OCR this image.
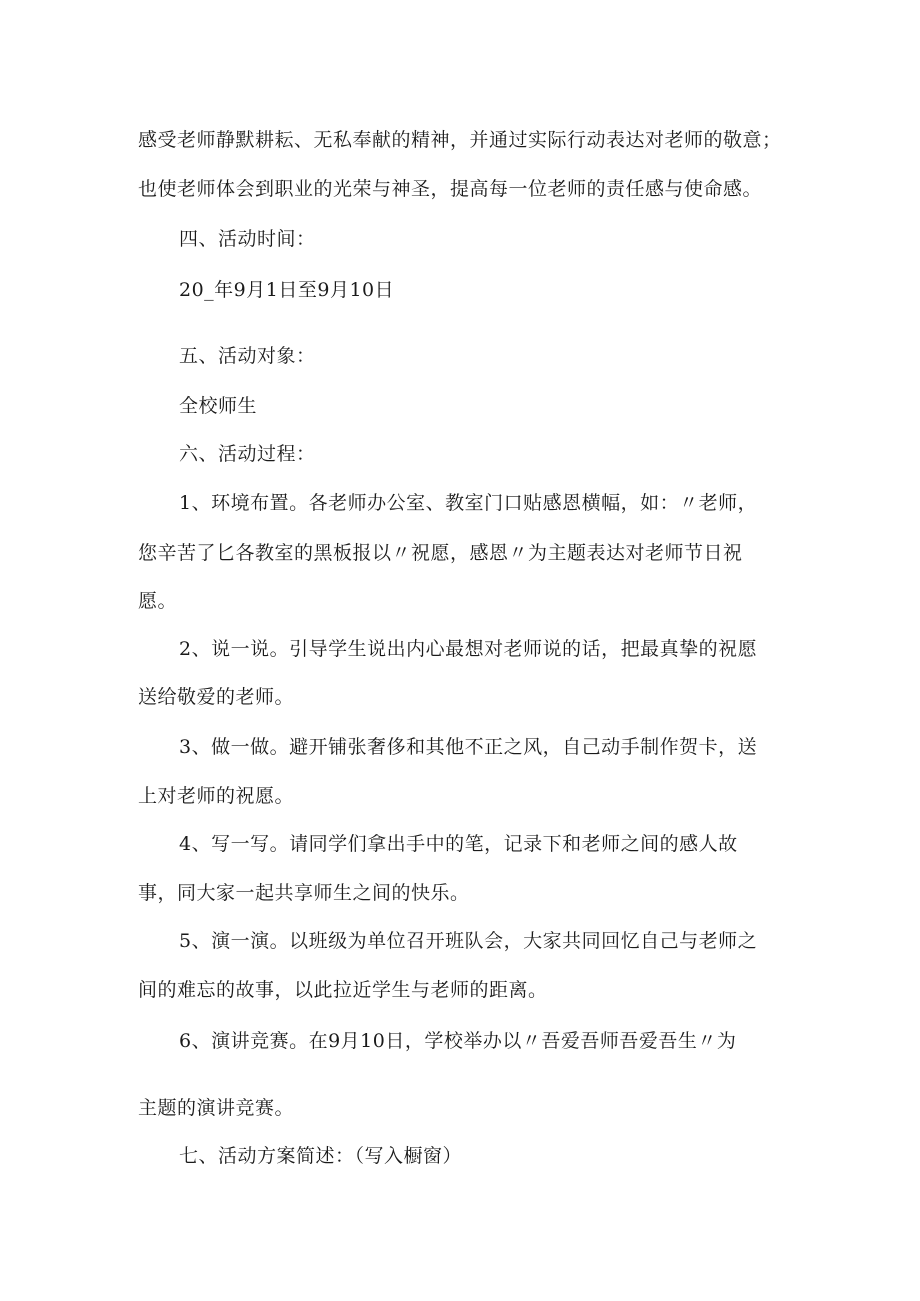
感受老师静默耕耘、无私奉献的精神，并通过实际行动表达对老师的敬意；
也使老师体会到职业的光荣与神圣，提高每一位老师的责任感与使命感。
四、活动时间：
20_年9月1日至9月10日
五、活动对象：
全校师生
六、活动过程：
1、环境布置。各老师办公室、教室门口贴感恩横幅，如：〃老师，
您辛苦了匕各教室的黑板报以〃祝愿，感恩〃为主题表达对老师节日祝
愿。
2、说一说。引导学生说出内心最想对老师说的话，把最真挚的祝愿
送给敬爱的老师。
3、做一做。避开铺张奢侈和其他不正之风，自己动手制作贺卡，送
上对老师的祝愿。
4、写一写。请同学们拿出手中的笔，记录下和老师之间的感人故
事，同大家一起共享师生之间的快乐。
5、演一演。以班级为单位召开班队会，大家共同回忆自己与老师之
间的难忘的故事，以此拉近学生与老师的距离。
6、演讲竞赛。在9月10日，学校举办以〃吾爱吾师吾爱吾生〃为
主题的演讲竞赛。
七、活动方案简述：（写入橱窗）
